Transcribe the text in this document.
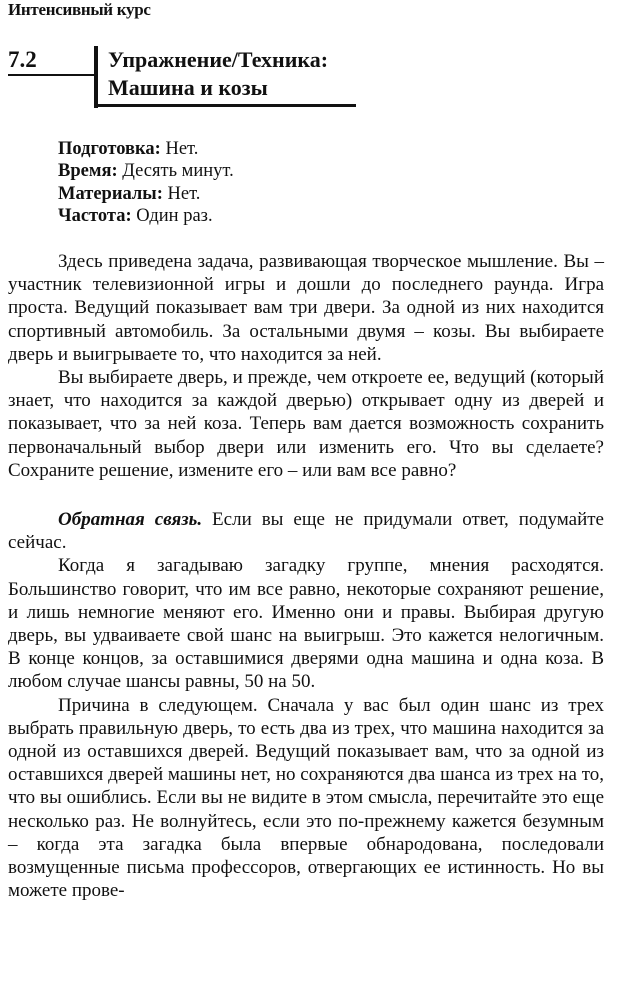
Интенсивный курс
7.2	Упражнение/Техника:
Машина и козы
Подготовка: Нет.
Время: Десять минут.
Материалы: Нет.
Частота: Один раз.

Здесь приведена задача, развивающая творческое мышление. Вы – участник телевизионной игры и дошли до последнего раунда. Игра проста. Ведущий показывает вам три двери. За одной из них находится спортивный автомобиль. За остальными двумя – козы. Вы выбираете дверь и выигрываете то, что находится за ней.

Вы выбираете дверь, и прежде, чем откроете ее, ведущий (который знает, что находится за каждой дверью) открывает одну из дверей и показывает, что за ней коза. Теперь вам дается возможность сохранить первоначальный выбор двери или изменить его. Что вы сделаете? Сохраните решение, измените его – или вам все равно?

Обратная связь. Если вы еще не придумали ответ, подумайте сейчас.

Когда я загадываю загадку группе, мнения расходятся. Большинство говорит, что им все равно, некоторые сохраняют решение, и лишь немногие меняют его. Именно они и правы. Выбирая другую дверь, вы удваиваете свой шанс на выигрыш. Это кажется нелогичным. В конце концов, за оставшимися дверями одна машина и одна коза. В любом случае шансы равны, 50 на 50.

Причина в следующем. Сначала у вас был один шанс из трех выбрать правильную дверь, то есть два из трех, что машина находится за одной из оставшихся дверей. Ведущий показывает вам, что за одной из оставшихся дверей машины нет, но сохраняются два шанса из трех на то, что вы ошиблись. Если вы не видите в этом смысла, перечитайте это еще несколько раз. Не волнуйтесь, если это по-прежнему кажется безумным – когда эта загадка была впервые обнародована, последовали возмущенные письма профессоров, отвергающих ее истинность. Но вы можете прове-
